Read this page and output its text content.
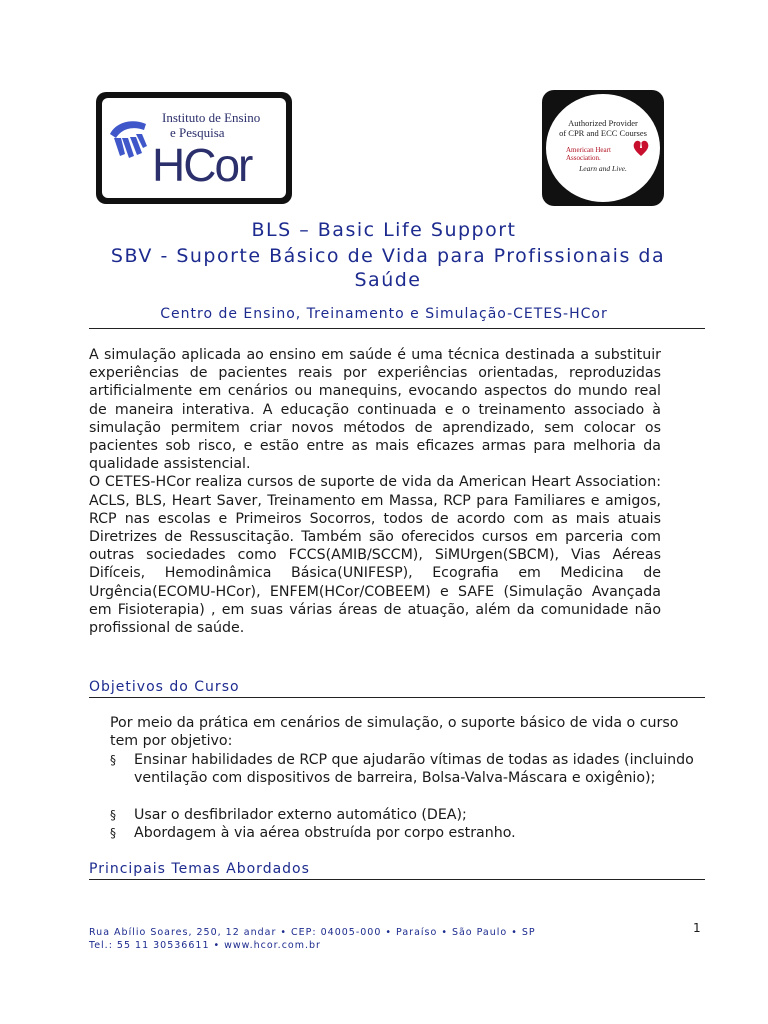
Instituto de Ensino
e Pesquisa
HCor
Authorized Provider
of CPR and ECC Courses
American Heart
Association.
Learn and Live.
BLS – Basic Life Support
SBV - Suporte Básico de Vida para Profissionais da Saúde
Centro de Ensino, Treinamento e Simulação-CETES-HCor

A simulação aplicada ao ensino em saúde é uma técnica destinada a substituir experiências de pacientes reais por experiências orientadas, reproduzidas artificialmente em cenários ou manequins, evocando aspectos do mundo real de maneira interativa. A educação continuada e o treinamento associado à simulação permitem criar novos métodos de aprendizado, sem colocar os pacientes sob risco, e estão entre as mais eficazes armas para melhoria da qualidade assistencial.

O CETES-HCor realiza cursos de suporte de vida da American Heart Association: ACLS, BLS, Heart Saver, Treinamento em Massa, RCP para Familiares e amigos, RCP nas escolas e Primeiros Socorros, todos de acordo com as mais atuais Diretrizes de Ressuscitação. Também são oferecidos cursos em parceria com outras sociedades como FCCS(AMIB/SCCM), SiMUrgen(SBCM), Vias Aéreas Difíceis, Hemodinâmica Básica(UNIFESP), Ecografia em Medicina de Urgência(ECOMU-HCor), ENFEM(HCor/COBEEM) e SAFE (Simulação Avançada em Fisioterapia) , em suas várias áreas de atuação, além da comunidade não profissional de saúde.

Objetivos do Curso
Por meio da prática em cenários de simulação, o suporte básico de vida o curso tem por objetivo:
§ Ensinar habilidades de RCP que ajudarão vítimas de todas as idades (incluindo ventilação com dispositivos de barreira, Bolsa-Valva-Máscara e oxigênio);
§ Usar o desfibrilador externo automático (DEA);
§ Abordagem à via aérea obstruída por corpo estranho.
Principais Temas Abordados
Rua Abílio Soares, 250, 12 andar • CEP: 04005-000 • Paraíso • São Paulo • SP
Tel.: 55 11 30536611 • www.hcor.com.br
1
